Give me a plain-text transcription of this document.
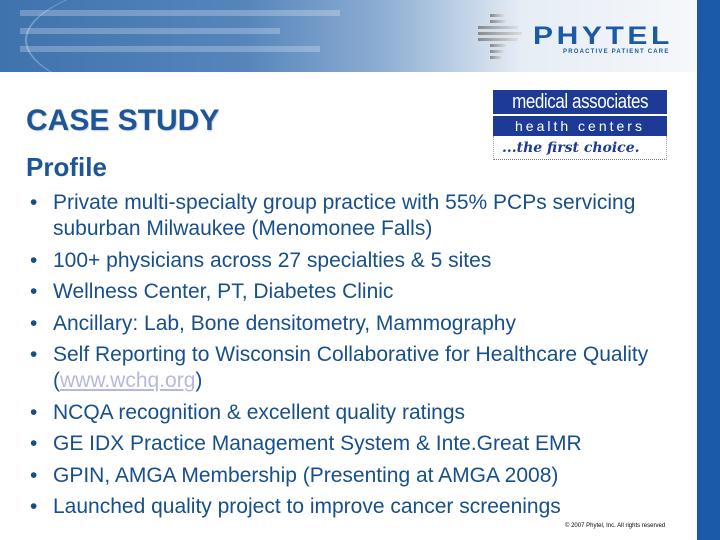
PHYTEL
PROACTIVE PATIENT CARE
medical associates
health centers
...the first choice.
CASE STUDY
Profile
• Private multi-specialty group practice with 55% PCPs servicing suburban Milwaukee (Menomonee Falls)
• 100+ physicians across 27 specialties & 5 sites
• Wellness Center, PT, Diabetes Clinic
• Ancillary: Lab, Bone densitometry, Mammography
• Self Reporting to Wisconsin Collaborative for Healthcare Quality (www.wchq.org)
• NCQA recognition & excellent quality ratings
• GE IDX Practice Management System & Inte.Great EMR
• GPIN, AMGA Membership (Presenting at AMGA 2008)
• Launched quality project to improve cancer screenings
© 2007 Phytel, Inc. All rights reserved
